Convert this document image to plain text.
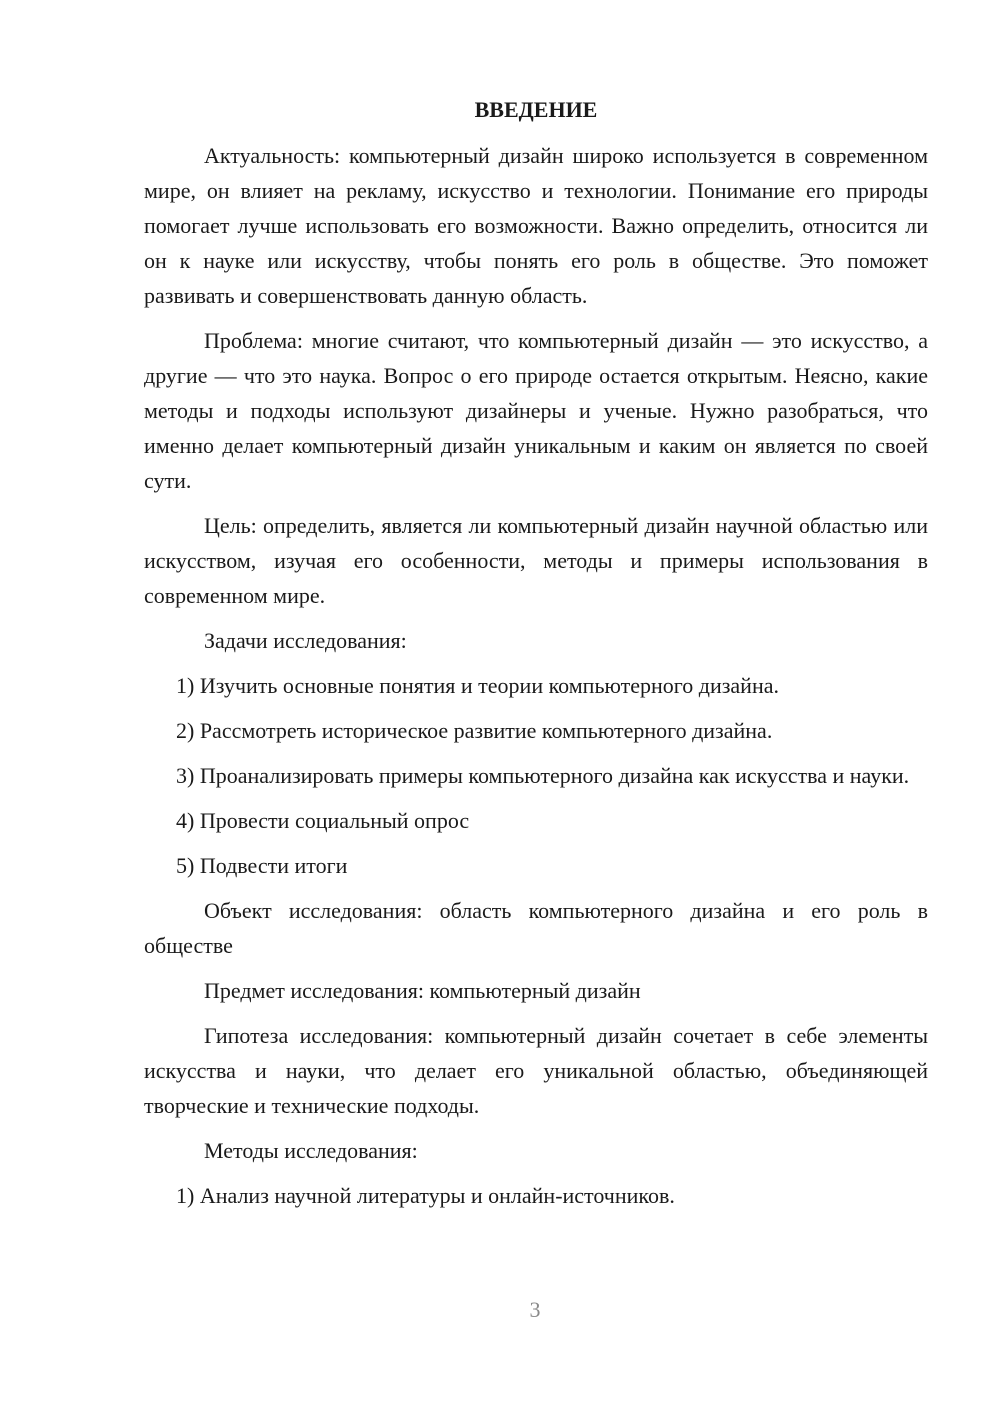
ВВЕДЕНИЕ

Актуальность: компьютерный дизайн широко используется в современном мире, он влияет на рекламу, искусство и технологии. Понимание его природы помогает лучше использовать его возможности. Важно определить, относится ли он к науке или искусству, чтобы понять его роль в обществе. Это поможет развивать и совершенствовать данную область.

Проблема: многие считают, что компьютерный дизайн — это искусство, а другие — что это наука. Вопрос о его природе остается открытым. Неясно, какие методы и подходы используют дизайнеры и ученые. Нужно разобраться, что именно делает компьютерный дизайн уникальным и каким он является по своей сути.

Цель: определить, является ли компьютерный дизайн научной областью или искусством, изучая его особенности, методы и примеры использования в современном мире.

Задачи исследования:

1) Изучить основные понятия и теории компьютерного дизайна.

2) Рассмотреть историческое развитие компьютерного дизайна.

3) Проанализировать примеры компьютерного дизайна как искусства и науки.

4) Провести социальный опрос

5) Подвести итоги

Объект исследования: область компьютерного дизайна и его роль в обществе

Предмет исследования: компьютерный дизайн

Гипотеза исследования: компьютерный дизайн сочетает в себе элементы искусства и науки, что делает его уникальной областью, объединяющей творческие и технические подходы.

Методы исследования:

1) Анализ научной литературы и онлайн-источников.

3
